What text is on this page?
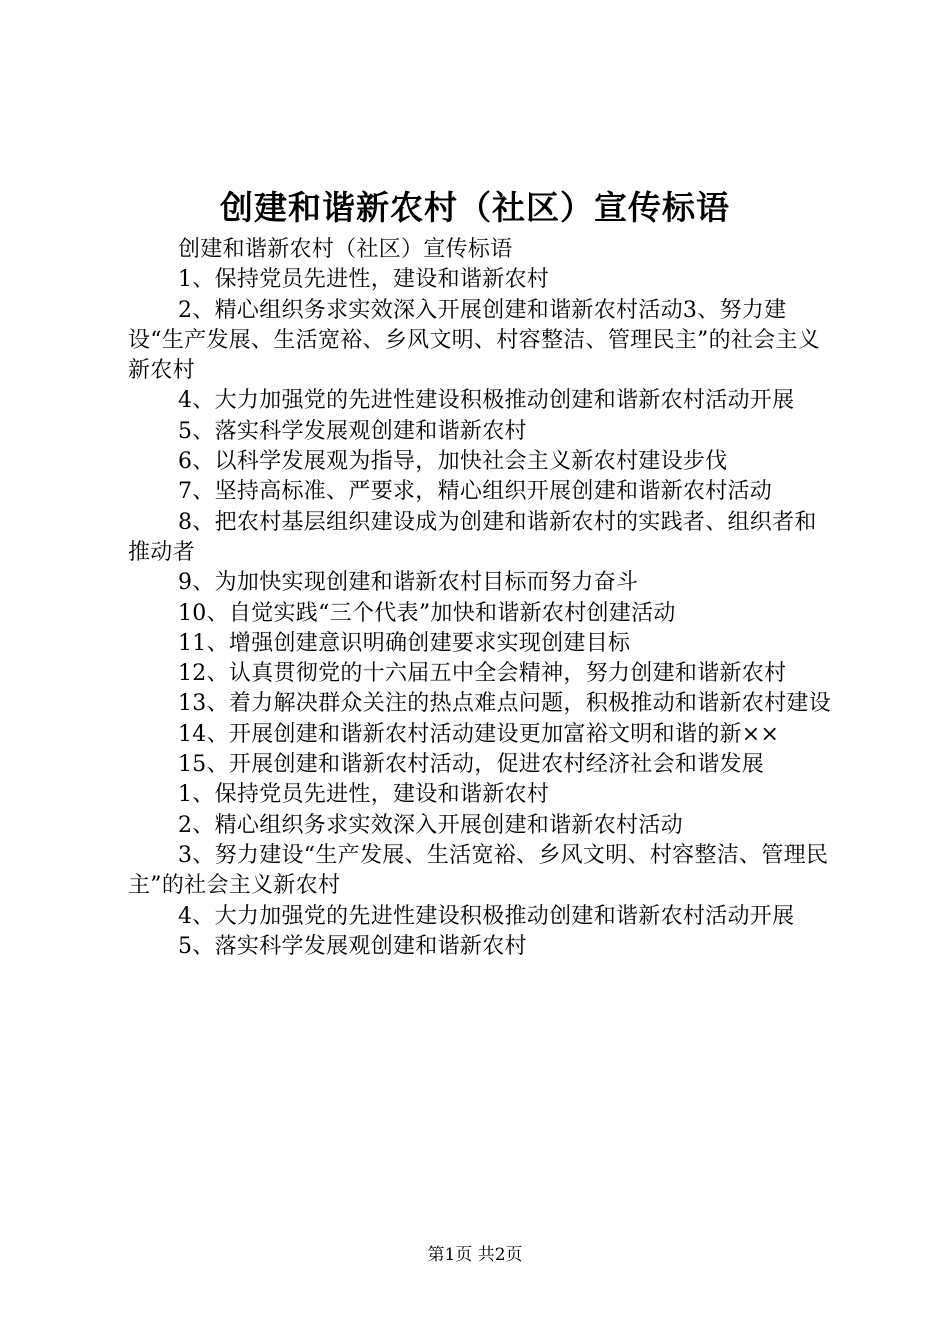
创建和谐新农村（社区）宣传标语

创建和谐新农村（社区）宣传标语

1、保持党员先进性，建设和谐新农村

2、精心组织务求实效深入开展创建和谐新农村活动3、努力建设“生产发展、生活宽裕、乡风文明、村容整洁、管理民主”的社会主义新农村

4、大力加强党的先进性建设积极推动创建和谐新农村活动开展

5、落实科学发展观创建和谐新农村

6、以科学发展观为指导，加快社会主义新农村建设步伐

7、坚持高标准、严要求，精心组织开展创建和谐新农村活动

8、把农村基层组织建设成为创建和谐新农村的实践者、组织者和推动者

9、为加快实现创建和谐新农村目标而努力奋斗

10、自觉实践“三个代表”加快和谐新农村创建活动

11、增强创建意识明确创建要求实现创建目标

12、认真贯彻党的十六届五中全会精神，努力创建和谐新农村

13、着力解决群众关注的热点难点问题，积极推动和谐新农村建设

14、开展创建和谐新农村活动建设更加富裕文明和谐的新××

15、开展创建和谐新农村活动，促进农村经济社会和谐发展

1、保持党员先进性，建设和谐新农村

2、精心组织务求实效深入开展创建和谐新农村活动

3、努力建设“生产发展、生活宽裕、乡风文明、村容整洁、管理民主”的社会主义新农村

4、大力加强党的先进性建设积极推动创建和谐新农村活动开展

5、落实科学发展观创建和谐新农村

第1页 共2页
